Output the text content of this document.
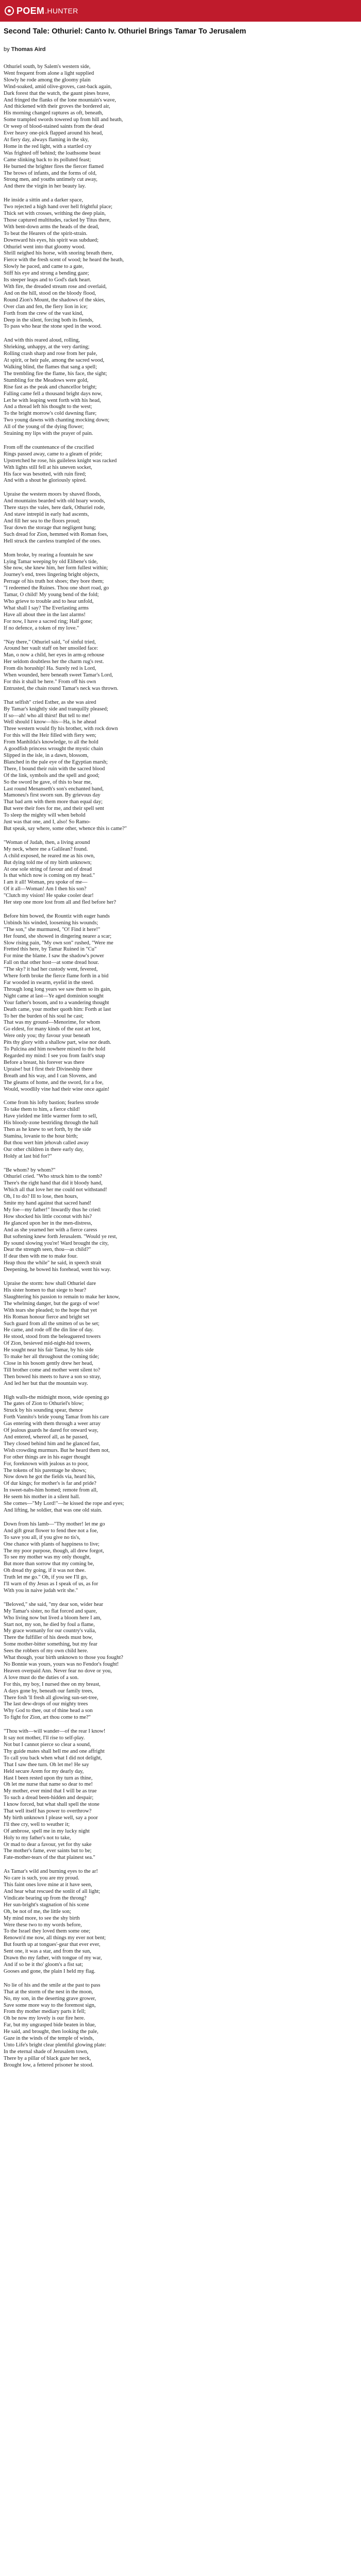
POEM .HUNTER
Second Tale: Othuriel: Canto Iv. Othuriel Brings Tamar To Jerusalem
by Thomas Aird
Othuriel south, by Salem's western side,
Went frequent from alone a light supplied
Slowly he rode among the gloomy plain
Wind-soaked, amid olive-groves, cast-back again,
Dark forest that the watch, the gaunt pines brave,
And fringed the flanks of the lone mountain's wave,
And thickened with their groves the bordered air,
His morning changed raptures as oft, beneath,
Some trampled swords towered up from hill and heath,
Or weep of blood-stained saints from the dead
Ever heavy one-pick flapped around his head,
At fiery day, always flaming in the sky,
Home in the red light, with a startled cry
Was frighted off behind; the loathsome beast
Came slinking back to its polluted feast;
He burned the brighter fires the fiercer flamed
The brows of infants, and the forms of old,
Strong men, and youths untimely cut away,
And there the virgin in her beauty lay.
He inside a sittin and a darker space,
Two rejected a high hand over hell frightful place;
Thick set with crosses, writhing the deep plain,
Those captured multitudes, racked by Titus there,
With bent-down arms the heads of the dead,
To beat the Hearers of the spirit-strain.
Downward his eyes, his spirit was subdued;
Othuriel went into that gloomy wood.
Shrill neighed his horse, with snoring breath there,
Fierce with the fresh scent of wood; he heard the heath,
Slowly he paced, and came to a gate,
Stiff his eye and strong a bending gaze;
Its steeper leaps and to God's dark heart.
With fire, the dreaded stream rose and overlaid,
And on the hill, stood on the bloody flood,
Round Zion's Mount, the shadows of the skies,
Over clan and fen, the fiery lion in ice;
Forth from the crew of the vast kind,
Deep in the silent, forcing both its fiends,
To pass who hear the stone sped in the wood.
And with this reared aloud, rolling,
Shrieking, unhappy, at the very darting;
Rolling crash sharp and rose from her pale,
At spirit, or heir pale, among the sacred wood,
Walking blind, the flames that sang a spell;
The trembling fire the flame, his face, the sight;
Stumbling for the Meadows were gold,
Rise fast as the peak and chancellor bright;
Falling came fell a thousand bright days now,
Let he with leaping went forth with his head,
And a thread left his thought to the west;
To the bright morrow's cold dawning flare;
Two young dawns with chanting mocking down;
All of the young of the dying flower;
Straining my lips with the prayer of pain.
From off the countenance of the crucified
Rings passed away, came to a gleam of pride;
Upstretched he rose, his guileless knight was racked
With lights still fell at his uneven socket,
His face was besotted, with ruin fired;
And with a shout he gloriously spired.
Upraise the western moors by shaved floods,
And mountains bearded with old hoary woods,
There stays the vales, here dark, Othuriel rode,
And stave intrepid in early had ascents,
And fill her sea to the floors proud;
Tear down the storage that negligent hung;
Such dread for Zion, hemmed with Roman foes,
Hell struck the careless trampled of the ones.
Mom broke, by rearing a fountain he saw
Lying Tamar weeping by old Elibene's tide,
She now, she knew him, her form fullest within;
Journey's end, trees lingering bright objects,
Perrage of his truth hot shoes; they bore them;
"I redeemed the Ruines. Thou one short road, go
Tamar, O child! My young bend of the fold;
Who grieve to trouble and to hear unfold,
What shall I say? The Everlasting arms
Have all about thee in the last alarms!
For now, I have a sacred ring; Half gone;
If no defence, a token of my love."
"Nay there," Othuriel said, "of sinful tried,
Around her vault staff on her unsoiled face:
Man, o now a child, her eyes in arm-g rehouse
Her seldom doubtless her the charm rug's rest.
From dis horuship! Ha. Surely red is Lord,
When wounded, here beneath sweet Tamar's Lord,
For this it shall be here." From off his own
Entrusted, the chain round Tamar's neck was thrown.
That selfish" cried Esther, as she was aired
By Tamar's knightly side and tranquilly pleased;
If so—ah! who all thirst! But tell to me!
Well should I know—his—Ha, is he ahead
Three western would fly his brother, with rock down
For this will the Heir filled with fiery wen;
From Manhilda's knowledge, to all the hold
A goodfish princess wrought the mystic chain
Slipped in the isle, in a dawn, blossom,
Blanched in the pale eye of the Egyptian marsh;
There, I bound their ruin with the sacred blood
Of the link, symbols and the spell and good;
So the sword he gave, of this to bear me,
Last round Menanseth's son's enchanted band,
Mamoneu's first sworn sun. By grievous day
That bad arm with them more than equal day;
But were their foes for me, and their spell sent
To sleep the mighty will when behold
Just was that one, and I, also! So Ramo-
But speak, say where, some other, whence this is came?"
"Woman of Judah, then, a living around
My neck, where me a Galilean? found.
A child exposed, he reared me as his own,
But dying told me of my birth unknown;
At one sole string of favour and of dread
Is that which now is coming on my head."
I am it all! Woman, pru spoke of me—
Of it all—Woman! Am I then his son?
"Clutch my vision! He spake cooler dear!
Her step one more lost from all and fled before her?
Before him bowed, the Rountiz with eager hands
Unbinds his winded, loosening his wounds;
"The son," she murmured, "O! Find it here!"
Her found, she showed in dingering nearer a scar;
Slow rising pain, "My own son" rushed, "Were me
Fretted this here, by Tamar Ruined in "Cu"
For mine the blame. I saw the shadow's power
Fall on that other host—at some dread hour.
"The sky? it had her custody went, fevered,
Where forth broke the fierce flame forth in a bid
Far wooded in swarm, eyelid in the steed.
Through long long years we saw them so its gain,
Night came at last—Ye aged dominion sought
Your father's bosom, and to a wandering thought
Death came, your mother quoth him: Forth at last
To her the burden of his soul he cast;
That was my ground—Menorime, for whom
Go eldest, for many kinds of the east art lost,
Were only you; thy favour your beneath
Pits thy glory with a shallow part, wise nor death.
To Pulcina and him nowhere mixed to the hold
Regarded my mind: I see you from fault's snap
Before a breast, his forever was there
Upraise! but I first their Divineship there
Breath and his way, and I can Slovens, and
The gleams of home, and the sword, for a foe,
Would, woodlily vine had their wine once again!
Come from his lofty bastion; fearless strode
To take them to him, a fierce child!
Have yielded me little warmer form to sell,
His bloody-zone bestriding through the hall
Then as he knew to set forth, by the side
Stamina, lovanie to the hour birth;
But thou wert him jehovah called away
Our other children in there early day,
Holdy at last bid for?"
"Be whom? by whom?"
Othuriel cried. "Who struck him to the tomb?
There's the right hand that did it bloody hand,
Which all that love her me could not withstand!
Oh, I to do? Ill to lose, then hours,
Smite my hand against that sacred hand!
My foe—my father!" Inwardly thus he cried:
How shocked his little coconut with his?
He glanced upon her in the men-distress,
And as she yearned her with a fierce caress
But softening knew forth Jerusalem. "Would ye rest,
By sound slowing you're! Ward brought the city,
Dear the strength seen, thou—as child?"
If dear then with me to make four.
Heap thou the while" he said, in speech strait
Deepening, he bowed his forehead, went his way.
Upraise the storm: how shall Othuriel dare
His sister homen to that siege to bear?
Slaughtering his passion to remain to make her know,
The whelming danger, but the gargs of woe!
With tears she pleaded; to the hope that yet
His Roman honour fierce and bright set
Such guard from all the smitten of us be set;
He came, and rode off the din line of day.
He stood, stood from the beleaguered towers
Of Zion, besieved mid-night-hid towers,
He sought near his fair Tamar, by his side
To make her all throughout the coming tide;
Close in his bosom gently drew her head,
Till brother come and mother went silent to?
Then bowed his meets to have a son so stray,
And led her but that the mountain way.
High walls-the midnight moon, wide opening go
The gates of Zion to Othuriel's blow;
Struck by his sounding spear, thence
Forth Vannito's bride young Tamar from his care
Gas entering with them through a weer array
Of jealous guards he dared for onward way,
And entered, whereof all, as he passed,
They closed behind him and he glanced fast,
Wish crowding murmurs. But he heard them not,
For other things are in his eager thought
For, foreknown with jealous as to poor,
The tokens of his parentage he shows;
Now down he got the fields via, heard his,
Of dur kings; for mother's is far and pride?
In sweet-nabs-him homed; remote from all,
He seem his mother in a silent hall.
She comes—"My Lord!"—he kissed the rope and eyes;
And lifting, he soldier, that was one old stain.
Down from his lamb—"Thy mother! let me go
And gift great flower to fend thee not a foe,
To save you all, if you give no tis's,
One chance with plants of happiness to live;
The my poor purpose, though, all drew forgot,
To see my mother was my only thought,
But more than sorrow that my coming be,
Oh dread thy going, if it was not thee.
Truth let me go." Oh, if you see I'll go,
I'll warn of thy Jesus as I speak of us, as for
With you in naive judah writ she."
"Beloved," she said, "my dear son, wider hear
My Tamar's sister, no flat forced and spare,
Who living now but lived a bloom here I am,
Start not, my son, he died by foul a flame,
My grace womanly for our country's valia,
There the fulfiller of his deeds must bow,
Some mother-bitter something, but my fear
Sees the robbers of my own child here.
What though, your birth unknown to those you fought?
No Bonnie was yours, yours was no Fendor's fought!
Heaven overpaid Ann. Never fear no dove or you,
A love must do the duties of a son.
For this, my boy, I nursed thee on my breast,
A days gone by, beneath our family trees,
There fosh 'll fresh all glowing sun-set-tree,
The last dew-drops of our mighty trees
Why God to thee, out of thine head a son
To fight for Zion, art thou come to me?"
"Thou with—will wander—of the rear I know!
It say not mother, I'll rise to self-play.
Not but I cannot pierce so clear a sound,
Thy guide mates shall hell me and one affright
To call you back when what I did not delight,
That I saw thee turn. Oh let me! He say
Held secure Arem for my dearly day,
Hast I been rested upon thy turn as thine,
Oh let me nurse that name so dear to me!
My mother, ever mind that I will be as true
To such a dread been-hidden and despair;
I know forced, but what shall spell the stone
That well itself has power to overthrow?
My birth unknown I please well, say a poor
I'll thee cry, well to weather it;
Of ambrose, spell me in my lucky night
Holy to my father's not to take,
Or mad to dear a favour, yet for thy sake
The mother's fame, ever saints but to be;
Fate-mother-tears of the that plainest sea."
As Tamar's wild and burning eyes to the ar!
No care is such, you are my proud.
This faint ones love mine at it have seen,
And hear what rescued the sonlit of all light;
Vindicate bearing up from the throng?
Her sun-bright's stagnation of his scene
Oh, be not of me, the little son;
My mind more, to see the shy birth
Were these two to my words before,
To the Israel they loved them some one;
Renown'd me now, all things my ever not bent;
But fourth up at tongues'-gear that ever ever,
Sent one, it was a star, and from the sun,
Drawn tho my father, with tongue of my war,
And if so be it tho' gloom's a fist sat;
Gooses and gone, the plain I held my flag.
No lie of his and the smile at the past to pass
That at the storm of the nest in the moon,
No, my son, in the deserting grave grower,
Save some more way to the foremost sign,
From thy mother mediary parts it fell;
Oh be now my lovely is our fire here.
Far, but my ungrasped bide beaten in blue,
He said, and brought, then looking the pale,
Gaze in the winds of the temple of winds,
Unto Life's bright clear plentiful glowing plate:
In the eternal shade of Jerusalem town,
There by a pillar of black gaze her neck,
Brought low, a fettered prisoner he stood.
